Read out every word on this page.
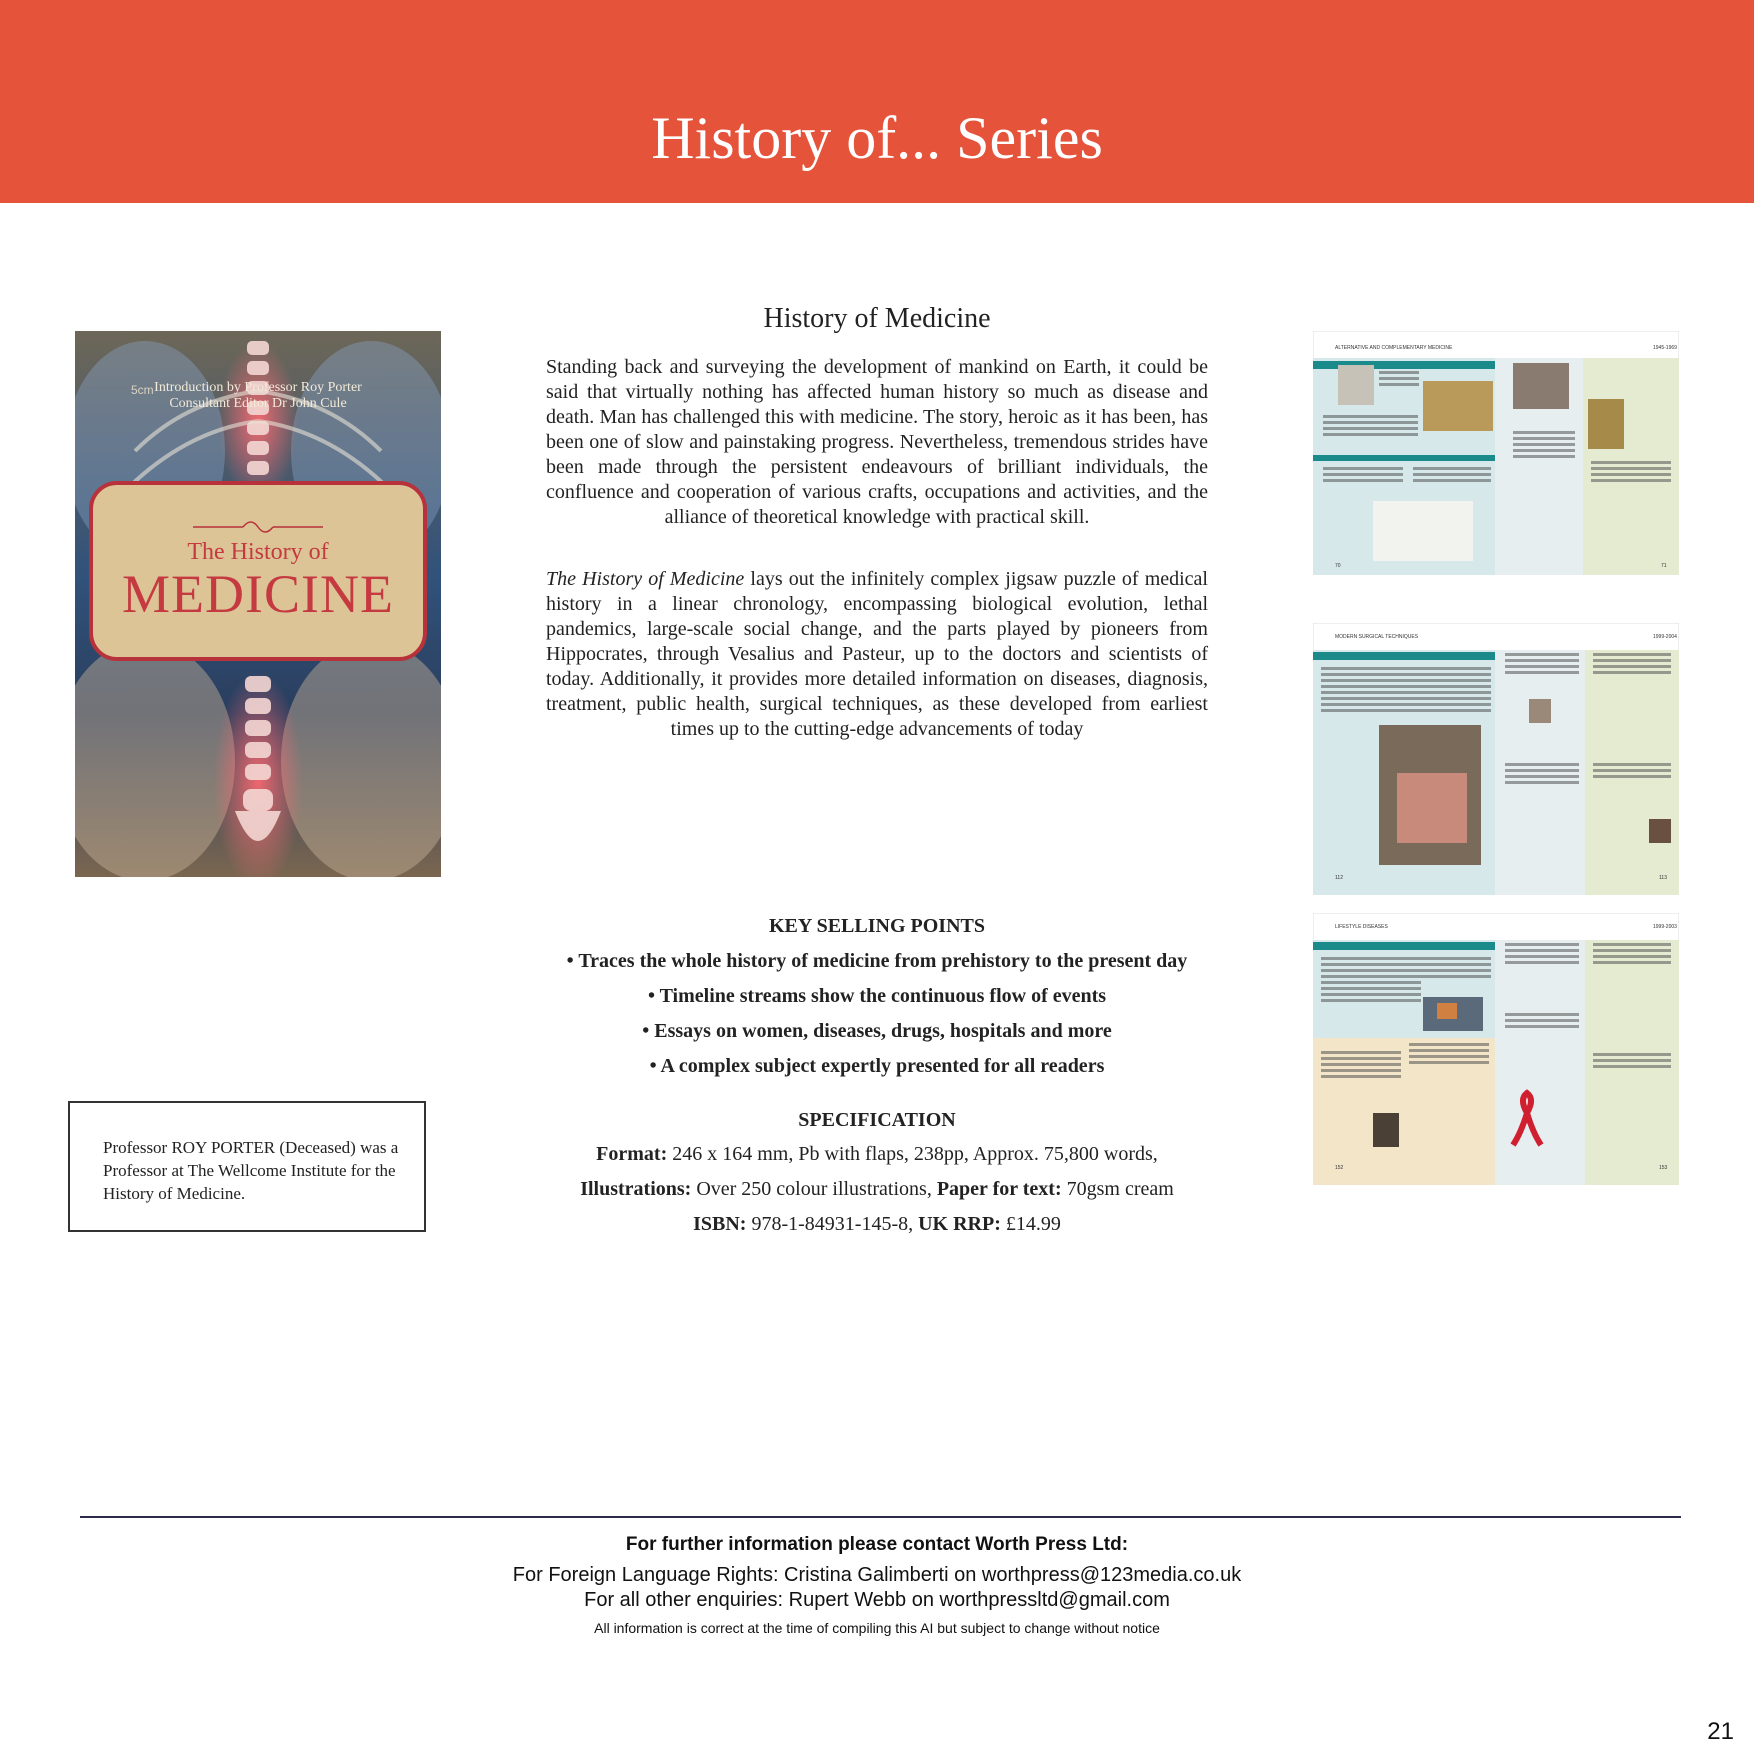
History of... Series
5cm Introduction by Professor Roy Porter
Consultant Editor Dr John Cule
The History of
MEDICINE
Professor ROY PORTER (Deceased) was a Professor at The Wellcome Institute for the History of Medicine.
History of Medicine

Standing back and surveying the development of mankind on Earth, it could be said that virtually nothing has affected human history so much as disease and death. Man has challenged this with medicine. The story, heroic as it has been, has been one of slow and painstaking progress. Nevertheless, tremendous strides have been made through the persistent endeavours of brilliant individuals, the confluence and cooperation of various crafts, occupations and activities, and the alliance of theoretical knowledge with practical skill.

The History of Medicine lays out the infinitely complex jigsaw puzzle of medical history in a linear chronology, encompassing biological evolution, lethal pandemics, large-scale social change, and the parts played by pioneers from Hippocrates, through Vesalius and Pasteur, up to the doctors and scientists of today. Additionally, it provides more detailed information on diseases, diagnosis, treatment, public health, surgical techniques, as these developed from earliest times up to the cutting-edge advancements of today

KEY SELLING POINTS
• Traces the whole history of medicine from prehistory to the present day
• Timeline streams show the continuous flow of events
• Essays on women, diseases, drugs, hospitals and more
• A complex subject expertly presented for all readers
SPECIFICATION
Format: 246 x 164 mm, Pb with flaps, 238pp, Approx. 75,800 words,
Illustrations: Over 250 colour illustrations, Paper for text: 70gsm cream
ISBN: 978-1-84931-145-8, UK RRP: £14.99
ALTERNATIVE AND COMPLEMENTARY MEDICINE	1945-1969
70	71
MODERN SURGICAL TECHNIQUES	1999-2004
112	113
LIFESTYLE DISEASES	1999-2003
152	153
For further information please contact Worth Press Ltd:
For Foreign Language Rights: Cristina Galimberti on worthpress@123media.co.uk
For all other enquiries: Rupert Webb on worthpressltd@gmail.com
All information is correct at the time of compiling this AI but subject to change without notice
21
